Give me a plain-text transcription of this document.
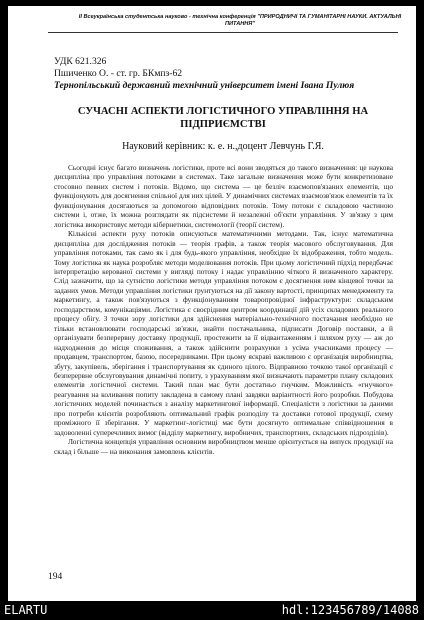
II Всеукраїнська студентська науково - технічна конференція "ПРИРОДНИЧІ ТА ГУМАНІТАРНІ НАУКИ. АКТУАЛЬНІ ПИТАННЯ"
УДК 621.326
Пшиченко О. - ст. гр. БКмпз-62
Тернопільський державний технічний університет імені Івана Пулюя
СУЧАСНІ АСПЕКТИ ЛОГІСТИЧНОГО УПРАВЛІННЯ НА ПІДПРИЄМСТВІ
Науковий керівник: к. е. н.,доцент Левчунь Г.Я.

Сьогодні існує багато визначень логістики, проте всі вони зводяться до такого визначення: це наукова дисципліна про управління потоками в системах. Таке загальне визначення може бути конкретизоване стосовно певних систем і потоків. Відомо, що система — це безліч взаємопов'язаних елементів, що функціонують для досягнення спільної для них цілей. У динамічних системах взаємозв'язок елементів та їх функціонування досягаються за допомогою відповідних потоків. Тому потоки є складовою частиною системи і, отже, їх можна розглядати як підсистеми й незалежні об'єкти управління. У зв'язку з цим логістика використовує методи кібернетики, системології (теорії систем).

Кількісні аспекти руху потоків описуються математичними методами. Так, існує математична дисципліна для дослідження потоків — теорія графів, а також теорія масового обслуговування. Для управління потоками, так само як і для будь-якого управління, необхідне їх відображення, тобто модель. Тому логістика як наука розробляє методи моделювання потоків. При цьому логістичний підхід передбачає інтерпретацію керованої системи у вигляді потоку і надає управлінню чіткого й визначеного характеру. Слід зазначити, що за сутністю логістики методи управління потоком є досягнення ним кінцевої точки за заданих умов. Методи управління логістики ґрунтуються на дії закону вартості, принципах менеджменту та маркетингу, а також пов'язуються з функціонуванням товаропровідної інфраструктури: складським господарством, комунікаціями. Логістика є своєрідним центром координації дій усіх складових реального процесу обігу. З точки зору логістики для здійснення матеріально-технічного постачання необхідно не тільки встановлювати господарські зв'язки, знайти постачальника, підписати Договір поставки, а й організувати безперервну доставку продукції, простежити за її відвантаженням і шляхом руху — аж до надходження до місця споживання, а також здійснити розрахунки з усіма учасниками процесу — продавцем, транспортом, базою, посередниками. При цьому яскраві важливою є організація виробництва, збуту, закупівель, зберігання і транспортування як єдиного цілого. Відправною точкою такої організації є безперервне обслуговування динамічні попиту, з урахуванням якої визначають параметри плану складових елементів логістичної системи. Такий план має бути достатньо гнучким. Можливість «гнучкого» реагування на коливання попиту закладена в самому плані завдяки варіантності його розробки. Побудова логістичних моделей починається з аналізу маркетингової інформації. Спеціалісти з логістики за даними про потреби клієнтів розробляють оптимальний графік розподілу та доставки готової продукції, схему проміжного її зберігання. У маркетинг-логістиці має бути досягнуто оптимальне співвідношення в задоволенні суперечливих вимог (відділу маркетингу, виробничих, транспортних, складських підрозділів).

Логістична концепція управління основним виробництвом менше орієнтується на випуск продукції на склад і більше — на виконання замовлень клієнтів.

194
ELARTU	hdl:123456789/14088
